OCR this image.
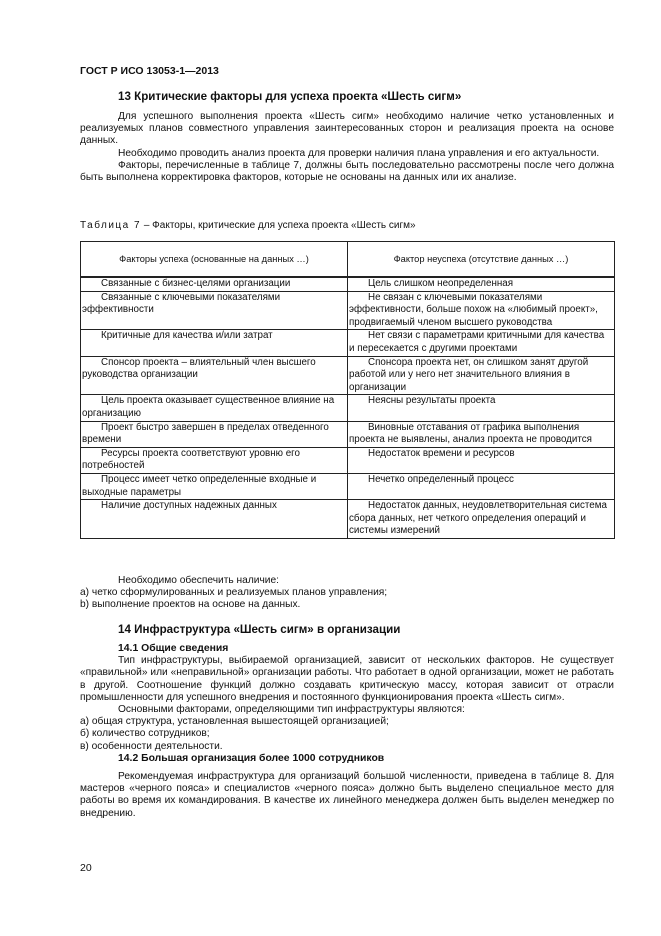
ГОСТ Р ИСО 13053-1—2013
13 Критические факторы для успеха проекта «Шесть сигм»

Для успешного выполнения проекта «Шесть сигм» необходимо наличие четко установленных и реализуемых планов совместного управления заинтересованных сторон и реализация проекта на основе данных.

Необходимо проводить анализ проекта для проверки наличия плана управления и его актуальности.

Факторы, перечисленные в таблице 7, должны быть последовательно рассмотрены после чего должна быть выполнена корректировка факторов, которые не основаны на данных или их анализе.

Таблица 7 – Факторы, критические для успеха проекта «Шесть сигм»
Факторы успеха (основанные на данных …)	Фактор неуспеха (отсутствие данных …)
Связанные с бизнес-целями организации	Цель слишком неопределенная
Связанные с ключевыми показателями эффективности	Не связан с ключевыми показателями эффективности, больше похож на «любимый проект», продвигаемый членом высшего руководства
Критичные для качества и/или затрат	Нет связи с параметрами критичными для качества и пересекается с другими проектами
Спонсор проекта – влиятельный член высшего руководства организации	Спонсора проекта нет, он слишком занят другой работой или у него нет значительного влияния в организации
Цель проекта оказывает существенное влияние на организацию	Неясны результаты проекта
Проект быстро завершен в пределах отведенного времени	Виновные отставания от графика выполнения проекта не выявлены, анализ проекта не проводится
Ресурсы проекта соответствуют уровню его потребностей	Недостаток времени и ресурсов
Процесс имеет четко определенные входные и выходные параметры	Нечетко определенный процесс
Наличие доступных надежных данных	Недостаток данных, неудовлетворительная система сбора данных, нет четкого определения операций и системы измерений
Необходимо обеспечить наличие:
a) четко сформулированных и реализуемых планов управления;
b) выполнение проектов на основе на данных.
14 Инфраструктура «Шесть сигм» в организации
14.1 Общие сведения
Тип инфраструктуры, выбираемой организацией, зависит от нескольких факторов. Не существует «правильной» или «неправильной» организации работы. Что работает в одной организации, может не работать в другой. Соотношение функций должно создавать критическую массу, которая зависит от отрасли промышленности для успешного внедрения и постоянного функционирования проекта «Шесть сигм».
Основными факторами, определяющими тип инфраструктуры являются:
а) общая структура, установленная вышестоящей организацией;
б) количество сотрудников;
в) особенности деятельности.
14.2 Большая организация более 1000 сотрудников
Рекомендуемая инфраструктура для организаций большой численности, приведена в таблице 8. Для мастеров «черного пояса» и специалистов «черного пояса» должно быть выделено специальное место для работы во время их командирования. В качестве их линейного менеджера должен быть выделен менеджер по внедрению.
20
